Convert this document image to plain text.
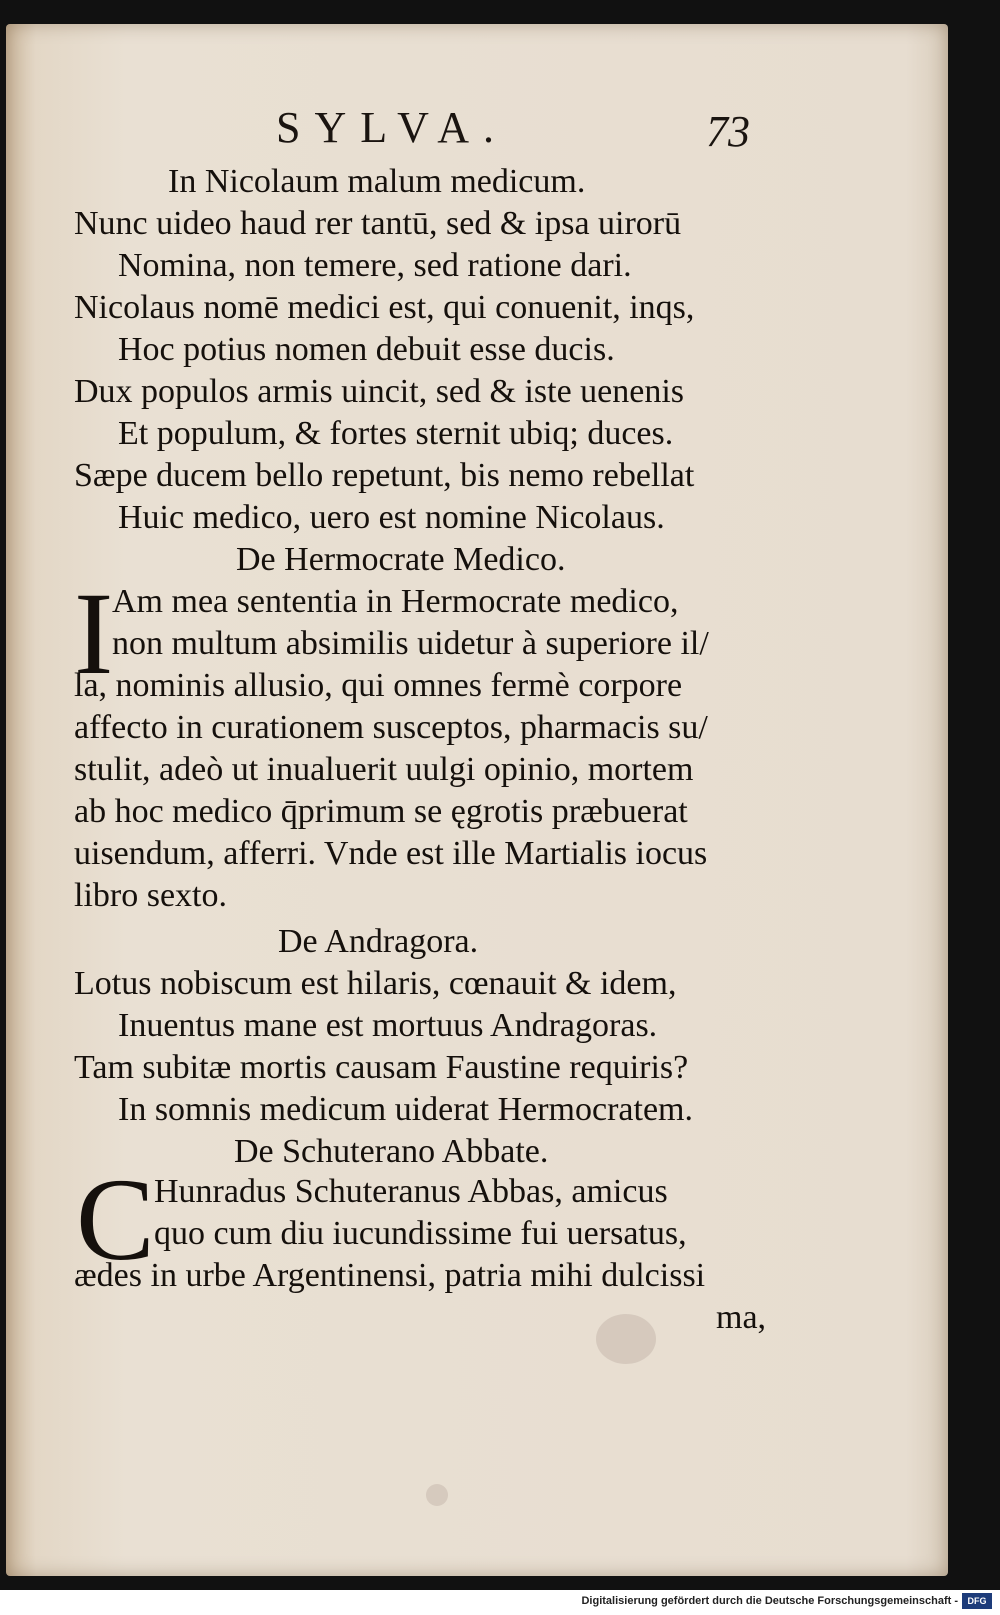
SYLVA.	73
In Nicolaum malum medicum.
Nunc uideo haud rer tantū, sed & ipsa uirorū
Nomina, non temere, sed ratione dari.
Nicolaus nomē medici est, qui conuenit, inqs,
Hoc potius nomen debuit esse ducis.
Dux populos armis uincit, sed & iste uenenis
Et populum, & fortes sternit ubiq; duces.
Sæpe ducem bello repetunt, bis nemo rebellat
Huic medico, uero est nomine Nicolaus.
De Hermocrate Medico.
I
Am mea sententia in Hermocrate medico,
non multum absimilis uidetur à superiore il/
la, nominis allusio, qui omnes fermè corpore
affecto in curationem susceptos, pharmacis su/
stulit, adeò ut inualuerit uulgi opinio, mortem
ab hoc medico q̄primum se ęgrotis præbuerat
uisendum, afferri. Vnde est ille Martialis iocus
libro sexto.
De Andragora.
Lotus nobiscum est hilaris, cœnauit & idem,
Inuentus mane est mortuus Andragoras.
Tam subitæ mortis causam Faustine requiris?
In somnis medicum uiderat Hermocratem.
De Schuterano Abbate.
C Hunradus Schuteranus Abbas, amicus
quo cum diu iucundissime fui uersatus,
ædes in urbe Argentinensi, patria mihi dulcissi
ma,
Digitalisierung gefördert durch die Deutsche Forschungsgemeinschaft -	DFG
